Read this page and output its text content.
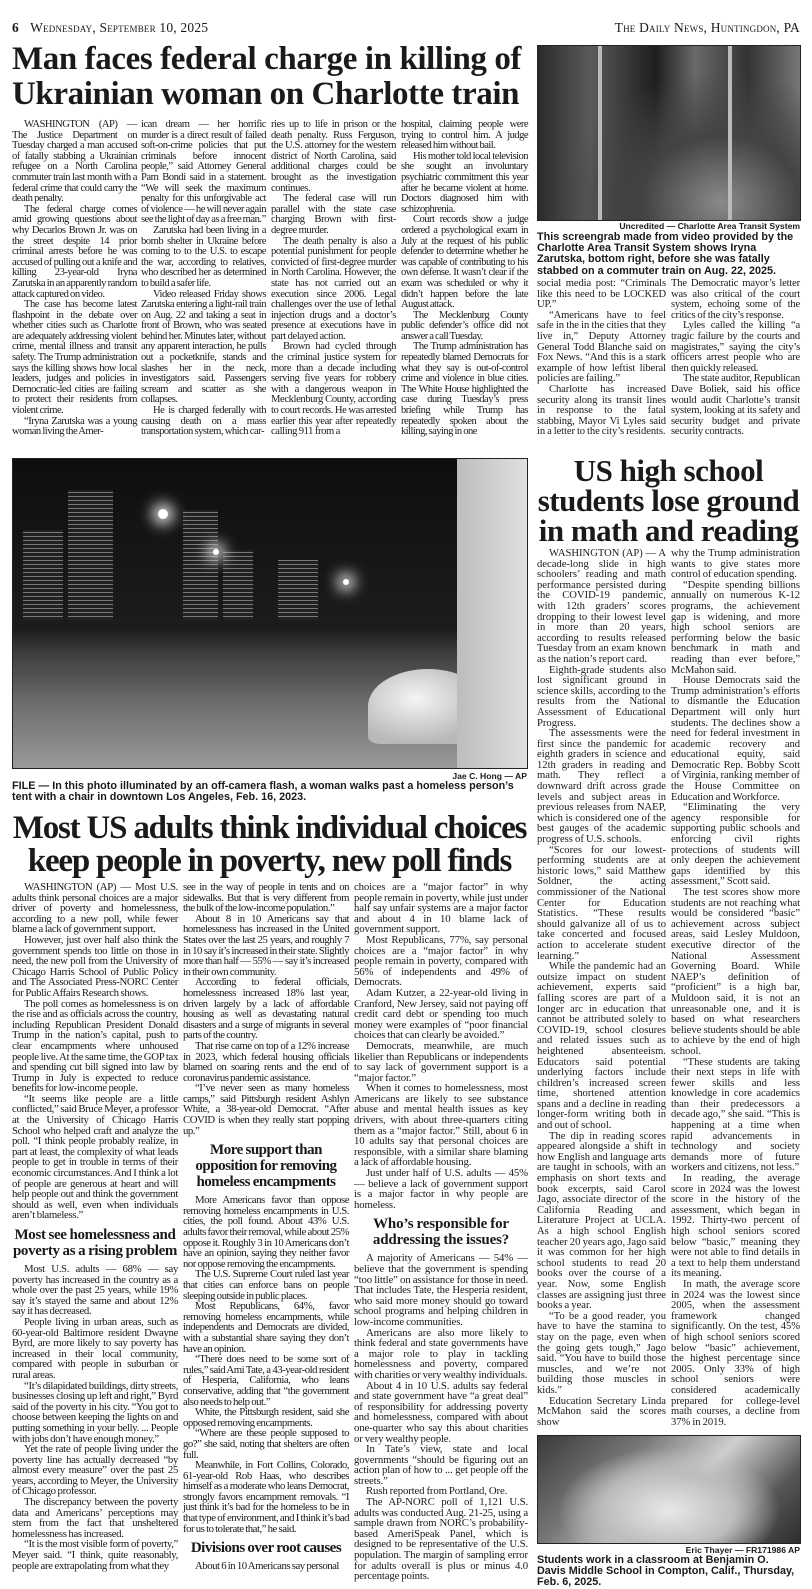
6 Wednesday, September 10, 2025	The Daily News, Huntingdon, PA
Man faces federal charge in killing of Ukrainian woman on Charlotte train

WASHINGTON (AP) — The Justice Department on Tuesday charged a man accused of fatally stabbing a Ukrainian refugee on a North Carolina commuter train last month with a federal crime that could carry the death penalty.

The federal charge comes amid growing questions about why Decarlos Brown Jr. was on the street despite 14 prior criminal arrests before he was accused of pulling out a knife and killing 23-year-old Iryna Zarutska in an apparently random attack captured on video.

The case has become latest flashpoint in the debate over whether cities such as Charlotte are adequately addressing violent crime, mental illness and transit safety. The Trump administration says the killing shows how local leaders, judges and policies in Democratic-led cities are failing to protect their residents from violent crime.

“Iryna Zarutska was a young woman living the Amer-

ican dream — her horrific murder is a direct result of failed soft-on-crime policies that put criminals before innocent people,” said Attorney General Pam Bondi said in a statement. “We will seek the maximum penalty for this unforgivable act of violence — he will never again see the light of day as a free man.”

Zarutska had been living in a bomb shelter in Ukraine before coming to to the U.S. to escape the war, according to relatives, who described her as determined to build a safer life.

Video released Friday shows Zarutska entering a light-rail train on Aug. 22 and taking a seat in front of Brown, who was seated behind her. Minutes later, without any apparent interaction, he pulls out a pocketknife, stands and slashes her in the neck, investigators said. Passengers scream and scatter as she collapses.

He is charged federally with causing death on a mass transportation system, which car-

ries up to life in prison or the death penalty. Russ Ferguson, the U.S. attorney for the western district of North Carolina, said additional charges could be brought as the investigation continues.

The federal case will run parallel with the state case charging Brown with first-degree murder.

The death penalty is also a potential punishment for people convicted of first-degree murder in North Carolina. However, the state has not carried out an execution since 2006. Legal challenges over the use of lethal injection drugs and a doctor’s presence at executions have in part delayed action.

Brown had cycled through the criminal justice system for more than a decade including serving five years for robbery with a dangerous weapon in Mecklenburg County, according to court records. He was arrested earlier this year after repeatedly calling 911 from a

hospital, claiming people were trying to control him. A judge released him without bail.

His mother told local television she sought an involuntary psychiatric commitment this year after he became violent at home. Doctors diagnosed him with schizophrenia.

Court records show a judge ordered a psychological exam in July at the request of his public defender to determine whether he was capable of contributing to his own defense. It wasn’t clear if the exam was scheduled or why it didn’t happen before the late August attack.

The Mecklenburg County public defender’s office did not answer a call Tuesday.

The Trump administration has repeatedly blamed Democrats for what they say is out-of-control crime and violence in blue cities. The White House highlighted the case during Tuesday’s press briefing while Trump has repeatedly spoken about the killing, saying in one

Uncredited — Charlotte Area Transit System
This screengrab made from video provided by the Charlotte Area Transit System shows Iryna Zarutska, bottom right, before she was fatally stabbed on a commuter train on Aug. 22, 2025.

social media post: “Criminals like this need to be LOCKED UP.”

“Americans have to feel safe in the in the cities that they live in,” Deputy Attorney General Todd Blanche said on Fox News. “And this is a stark example of how leftist liberal policies are failing.”

Charlotte has increased security along its transit lines in response to the fatal stabbing, Mayor Vi Lyles said in a letter to the city’s residents.

The Democratic mayor’s letter was also critical of the court system, echoing some of the critics of the city’s response.

Lyles called the killing “a tragic failure by the courts and magistrates,” saying the city’s officers arrest people who are then quickly released.

The state auditor, Republican Dave Boliek, said his office would audit Charlotte’s transit system, looking at its safety and security budget and private security contracts.

Jae C. Hong — AP
FILE — In this photo illuminated by an off-camera flash, a woman walks past a homeless person’s tent with a chair in downtown Los Angeles, Feb. 16, 2023.
Most US adults think individual choices keep people in poverty, new poll finds

WASHINGTON (AP) — Most U.S. adults think personal choices are a major driver of poverty and homelessness, according to a new poll, while fewer blame a lack of government support.

However, just over half also think the government spends too little on those in need, the new poll from the University of Chicago Harris School of Public Policy and The Associated Press-NORC Center for Public Affairs Research shows.

The poll comes as homelessness is on the rise and as officials across the country, including Republican President Donald Trump in the nation’s capital, push to clear encampments where unhoused people live. At the same time, the GOP tax and spending cut bill signed into law by Trump in July is expected to reduce benefits for low-income people.

“It seems like people are a little conflicted,” said Bruce Meyer, a professor at the University of Chicago Harris School who helped craft and analyze the poll. “I think people probably realize, in part at least, the complexity of what leads people to get in trouble in terms of their economic circumstances. And I think a lot of people are generous at heart and will help people out and think the government should as well, even when individuals aren’t blameless.”

Most see homelessness and poverty as a rising problem

Most U.S. adults — 68% — say poverty has increased in the country as a whole over the past 25 years, while 19% say it’s stayed the same and about 12% say it has decreased.

People living in urban areas, such as 60-year-old Baltimore resident Dwayne Byrd, are more likely to say poverty has increased in their local community, compared with people in suburban or rural areas.

“It’s dilapidated buildings, dirty streets, businesses closing up left and right,” Byrd said of the poverty in his city. “You got to choose between keeping the lights on and putting something in your belly. ... People with jobs don’t have enough money.”

Yet the rate of people living under the poverty line has actually decreased “by almost every measure” over the past 25 years, according to Meyer, the University of Chicago professor.

The discrepancy between the poverty data and Americans’ perceptions may stem from the fact that unsheltered homelessness has increased.

“It is the most visible form of poverty,” Meyer said. “I think, quite reasonably, people are extrapolating from what they

see in the way of people in tents and on sidewalks. But that is very different from the bulk of the low-income population.”

About 8 in 10 Americans say that homelessness has increased in the United States over the last 25 years, and roughly 7 in 10 say it’s increased in their state. Slightly more than half — 55% — say it’s increased in their own community.

According to federal officials, homelessness increased 18% last year, driven largely by a lack of affordable housing as well as devastating natural disasters and a surge of migrants in several parts of the country.

That rise came on top of a 12% increase in 2023, which federal housing officials blamed on soaring rents and the end of coronavirus pandemic assistance.

“I’ve never seen as many homeless camps,” said Pittsburgh resident Ashlyn White, a 38-year-old Democrat. “After COVID is when they really start popping up.”

More support than opposition for removing homeless encampments

More Americans favor than oppose removing homeless encampments in U.S. cities, the poll found. About 43% U.S. adults favor their removal, while about 25% oppose it. Roughly 3 in 10 Americans don’t have an opinion, saying they neither favor nor oppose removing the encampments.

The U.S. Supreme Court ruled last year that cities can enforce bans on people sleeping outside in public places.

Most Republicans, 64%, favor removing homeless encampments, while independents and Democrats are divided, with a substantial share saying they don’t have an opinion.

“There does need to be some sort of rules,” said Ami Tate, a 43-year-old resident of Hesperia, California, who leans conservative, adding that “the government also needs to help out.”

White, the Pittsburgh resident, said she opposed removing encampments.

“Where are these people supposed to go?” she said, noting that shelters are often full.

Meanwhile, in Fort Collins, Colorado, 61-year-old Rob Haas, who describes himself as a moderate who leans Democrat, strongly favors encampment removals. “I just think it’s bad for the homeless to be in that type of environment, and I think it’s bad for us to tolerate that,” he said.

Divisions over root causes

About 6 in 10 Americans say personal

choices are a “major factor” in why people remain in poverty, while just under half say unfair systems are a major factor and about 4 in 10 blame lack of government support.

Most Republicans, 77%, say personal choices are a “major factor” in why people remain in poverty, compared with 56% of independents and 49% of Democrats.

Adam Kutzer, a 22-year-old living in Cranford, New Jersey, said not paying off credit card debt or spending too much money were examples of “poor financial choices that can clearly be avoided.”

Democrats, meanwhile, are much likelier than Republicans or independents to say lack of government support is a “major factor.”

When it comes to homelessness, most Americans are likely to see substance abuse and mental health issues as key drivers, with about three-quarters citing them as a “major factor.” Still, about 6 in 10 adults say that personal choices are responsible, with a similar share blaming a lack of affordable housing.

Just under half of U.S. adults — 45% — believe a lack of government support is a major factor in why people are homeless.

Who’s responsible for addressing the issues?

A majority of Americans — 54% — believe that the government is spending “too little” on assistance for those in need. That includes Tate, the Hesperia resident, who said more money should go toward school programs and helping children in low-income communities.

Americans are also more likely to think federal and state governments have a major role to play in tackling homelessness and poverty, compared with charities or very wealthy individuals.

About 4 in 10 U.S. adults say federal and state government have “a great deal” of responsibility for addressing poverty and homelessness, compared with about one-quarter who say this about charities or very wealthy people.

In Tate’s view, state and local governments “should be figuring out an action plan of how to ... get people off the streets.”

Rush reported from Portland, Ore.

The AP-NORC poll of 1,121 U.S. adults was conducted Aug. 21-25, using a sample drawn from NORC’s probability-based AmeriSpeak Panel, which is designed to be representative of the U.S. population. The margin of sampling error for adults overall is plus or minus 4.0 percentage points.

US high school students lose ground in math and reading

WASHINGTON (AP) — A decade-long slide in high schoolers’ reading and math performance persisted during the COVID-19 pandemic, with 12th graders’ scores dropping to their lowest level in more than 20 years, according to results released Tuesday from an exam known as the nation’s report card.

Eighth-grade students also lost significant ground in science skills, according to the results from the National Assessment of Educational Progress.

The assessments were the first since the pandemic for eighth graders in science and 12th graders in reading and math. They reflect a downward drift across grade levels and subject areas in previous releases from NAEP, which is considered one of the best gauges of the academic progress of U.S. schools.

“Scores for our lowest-performing students are at historic lows,” said Matthew Soldner, the acting commissioner of the National Center for Education Statistics. “These results should galvanize all of us to take concerted and focused action to accelerate student learning.”

While the pandemic had an outsize impact on student achievement, experts said falling scores are part of a longer arc in education that cannot be attributed solely to COVID-19, school closures and related issues such as heightened absenteeism. Educators said potential underlying factors include children’s increased screen time, shortened attention spans and a decline in reading longer-form writing both in and out of school.

The dip in reading scores appeared alongside a shift in how English and language arts are taught in schools, with an emphasis on short texts and book excerpts, said Carol Jago, associate director of the California Reading and Literature Project at UCLA. As a high school English teacher 20 years ago, Jago said it was common for her high school students to read 20 books over the course of a year. Now, some English classes are assigning just three books a year.

“To be a good reader, you have to have the stamina to stay on the page, even when the going gets tough,” Jago said. “You have to build those muscles, and we’re not building those muscles in kids.”

Education Secretary Linda McMahon said the scores show

why the Trump administration wants to give states more control of education spending.

“Despite spending billions annually on numerous K-12 programs, the achievement gap is widening, and more high school seniors are performing below the basic benchmark in math and reading than ever before,” McMahon said.

House Democrats said the Trump administration’s efforts to dismantle the Education Department will only hurt students. The declines show a need for federal investment in academic recovery and educational equity, said Democratic Rep. Bobby Scott of Virginia, ranking member of the House Committee on Education and Workforce.

“Eliminating the very agency responsible for supporting public schools and enforcing civil rights protections of students will only deepen the achievement gaps identified by this assessment,” Scott said.

The test scores show more students are not reaching what would be considered “basic” achievement across subject areas, said Lesley Muldoon, executive director of the National Assessment Governing Board. While NAEP’s definition of “proficient” is a high bar, Muldoon said, it is not an unreasonable one, and it is based on what researchers believe students should be able to achieve by the end of high school.

“These students are taking their next steps in life with fewer skills and less knowledge in core academics than their predecessors a decade ago,” she said. “This is happening at a time when rapid advancements in technology and society demands more of future workers and citizens, not less.”

In reading, the average score in 2024 was the lowest score in the history of the assessment, which began in 1992. Thirty-two percent of high school seniors scored below “basic,” meaning they were not able to find details in a text to help them understand its meaning.

In math, the average score in 2024 was the lowest since 2005, when the assessment framework changed significantly. On the test, 45% of high school seniors scored below “basic” achievement, the highest percentage since 2005. Only 33% of high school seniors were considered academically prepared for college-level math courses, a decline from 37% in 2019.

Eric Thayer — FR171986 AP
Students work in a classroom at Benjamin O. Davis Middle School in Compton, Calif., Thursday, Feb. 6, 2025.
